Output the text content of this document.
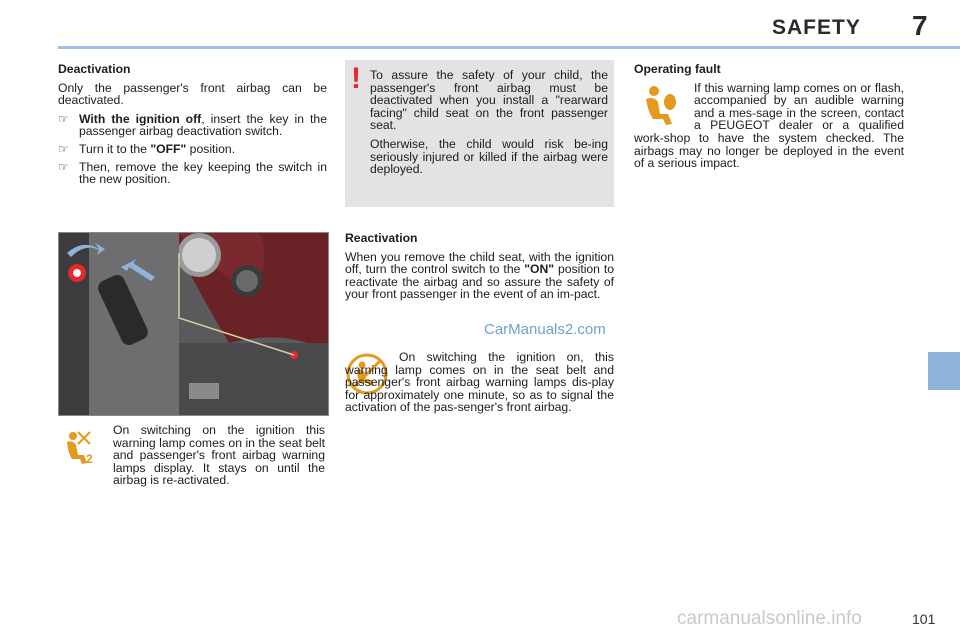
SAFETY 7
Deactivation

Only the passenger's front airbag can be deactivated.

☞ With the ignition off, insert the key in the passenger airbag deactivation switch.
☞ Turn it to the "OFF" position.
☞ Then, remove the key keeping the switch in the new position.
! To assure the safety of your child, the passenger's front airbag must be deactivated when you install a "rearward facing" child seat on the front passenger seat.

Otherwise, the child would risk be-ing seriously injured or killed if the airbag were deployed.

Operating fault

If this warning lamp comes on or flash, accompanied by an audible warning and a mes-sage in the screen, contact a PEUGEOT dealer or a qualified work-shop to have the system checked. The airbags may no longer be deployed in the event of a serious impact.

2

On switching on the ignition this warning lamp comes on in the seat belt and passenger's front airbag warning lamps display. It stays on until the airbag is re-activated.

Reactivation

When you remove the child seat, with the ignition off, turn the control switch to the "ON" position to reactivate the airbag and so assure the safety of your front passenger in the event of an im-pact.

CarManuals2.com

On switching the ignition on, this warning lamp comes on in the seat belt and passenger's front airbag warning lamps dis-play for approximately one minute, so as to signal the activation of the pas-senger's front airbag.

carmanualsonline.info	101
